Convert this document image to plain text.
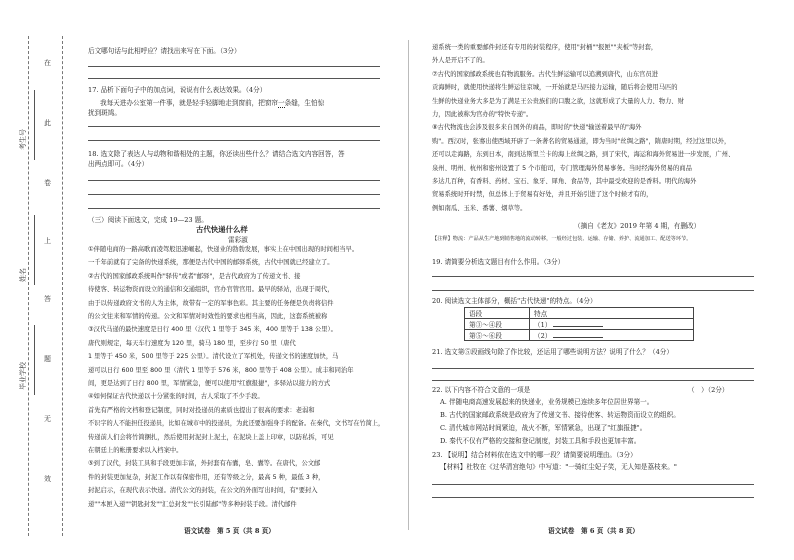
在
此
卷
上
答
题
无
效
考生号
姓名
毕业学校
后文哪句话与此相呼应？请找出来写在下面。（3分）
17. 品析下面句子中的加点词，说说有什么表达效果。（4分）
我每天进办公室第一件事，就是轻手轻脚地走到窗前，把窗帘一条缝，生怕惊
扰到斑鸠。
18. 选文除了表达人与动物和谐相处的主题，你还读出些什么？请结合选文内容回答，答
出两点即可。（4分）
（三）阅读下面选文，完成 19—23 题。
古代快递什么样
雷彩淑
①伴随电商的一路高歌而凌驾般迅速崛起，快递业的勃勃发展，事实上在中国出现的时间相当早。
一千年前就有了完备的快递系统，那便是古代中国的邮驿系统，古代中国就已经建立了。
②古代的国家邮政系统叫作"驿传"或者"邮驿"，是古代政府为了传递文书、接
待使客、转运物资而设立的通信和交通组织，官办官管官用。最早的驿站，出现于周代，
由于以传递政府文书的人为主体，故带有一定的军事色彩。其主要的任务便是负责将信件
的公文往来和军情的传递。公文和军情对时效性的要求也相当高，因此，这套系统被称
③汉代马递的最快速度是日行 400 里（汉代 1 里等于 345 米，400 里等于 138 公里）。
唐代则规定，每天车行速度为 120 里，骑马 180 里，至步行 50 里（唐代
1 里等于 450 米，500 里等于 225 公里）。清代设立了军机处，传递文书的速度加快，马
递可以日行 600 里至 800 里（清代 1 里等于 576 米，800 里等于 408 公里）。成丰和同治年
间，更是达到了日行 800 里，军情紧急，便可以使用"红旗报捷"，多驿站以接力的方式
④如何保证古代快递以十分紧张的时间，古人采取了不少手段。
首先有严格的文档和登记制度，同时对投递员的素质也提出了很高的要求：老弱和
不识字的人不能担任投递员，比如在城市中的投递员，为此还要加强身手的配备。在秦代，文书写在竹简上，
传递前人们会将竹简捆扎，然后使用封泥封上泥土，在泥块上盖上印章，以防私拆，可见
在朝廷上的帐册要求以入档案中。
⑤到了汉代，封装工具和手段更加丰富，外封套有布囊，皂、囊等。在唐代，公文邮
件的封装更加复杂，封泥工作以有保密作用，还有等级之分，最高 5 种，最低 3 种，
封泥启示，在现代表示快递。清代公文的封装，在公文的外面写出时间，有"要封入
递""本匣入递""钥匙封发""汇总封发""长引陆邮"等多种封装手段。清代邮件
语文试卷　第 5 页（共 8 页）
递系统一类的重要邮件封还有专用的封装程序，使用"封桶""报匣""夹板"等封套，
外人是开启不了的。
⑦古代的国家邮政系统也有物流服务。古代生鲜运输可以追溯到唐代，山东官员进
贡海鲜时，就使用快递将生鲜运往京城，一开始就是马匹接力运输，随后将会使用马匹的
生鲜的快递业务大多是为了满足王公贵族们的口腹之欲，这就形成了大量的人力、物力、财
力，因此被称为官办的"特快专递"。
⑧古代物流也会涉及很多来自国外的商品，即时的"快递"输送着最早的"海外
购"。西汉时，张骞出使西域开辟了一条著名的贸易通道，即为当时"丝绸之路"，隋唐时期，经过这里以外，
还可以走海路，东到日本，南到达斯里兰卡的海上丝绸之路，到了宋代，海运和海外贸易进一步发展，广州、
泉州、明州、杭州和密州设置了 5 个市舶司，专门管理海外贸易事务。当时经海外贸易的商品
多达几百种，有香料、药材、宝石、象牙、犀角、食品等，其中最受欢迎的是香料。明代的海外
贸易系统时开时禁，但总体上于贸易有好处，并且开始引进了这个时候才有的，
例如南瓜、玉米、番薯、烟草等。
（摘自《老友》2019 年第 4 期，有删改）
【注释】物流：产品从生产地到销售地的流动转移，一般经过包装、运输、存储、养护、流通加工、配送等环节。
19. 请简要分析选文题目有什么作用。（3分）
20. 阅读选文主体部分，概括"古代快递"的特点。（4分）
语段	特点
第③～④段	（1）
第⑤～⑥段	（2）
21. 选文第⑤段画线句除了作比较，还运用了哪些说明方法？说明了什么？（4分）
22. 以下内容不符合文意的一项是	（　）（2分）
A. 伴随电商高速发展起来的快递业，业务规模已连续多年位居世界第一。
B. 古代的国家邮政系统是政府为了传递文书、接待使客、转运物资而设立的组织。
C. 清代城市网站时间紧迫，战火不断，军情紧急，出现了"红旗报捷"。
D. 秦代不仅有严格的交接和登记制度，封装工具和手段也更加丰富。
23. 【说明】结合材料依在选文中的哪一段？请简要说明理由。（3分）
【材料】杜牧在《过华清宫绝句》中写道："一骑红尘妃子笑，无人知是荔枝来。"
语文试卷　第 6 页（共 8 页）
